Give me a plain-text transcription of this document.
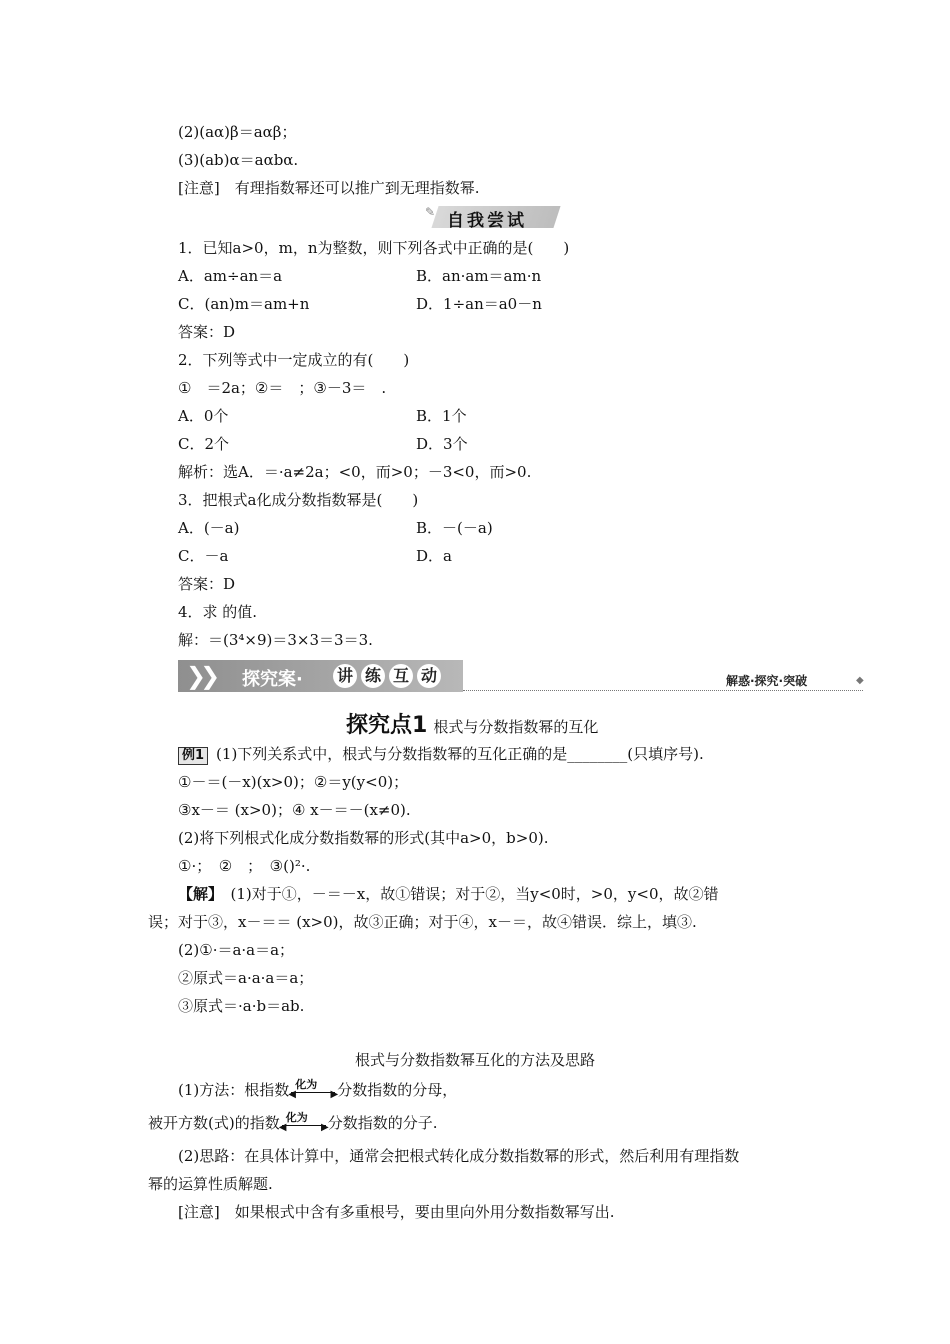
(2)(aα)β＝aαβ；
(3)(ab)α＝aαbα.
[注意]　有理指数幂还可以推广到无理指数幂.
✎ 自我尝试
1．已知a>0，m，n为整数，则下列各式中正确的是(　　)
A．am÷an＝a	B．an·am＝am·n
C．(an)m＝am+n	D．1÷an＝a0－n
答案：D
2．下列等式中一定成立的有(　　)
①　＝2a；②＝　；③－3＝　.
A．0个	B．1个
C．2个	D．3个
解析：选A．＝·a≠2a；<0，而>0；－3<0，而>0.
3．把根式a化成分数指数幂是(　　)
A．(－a)	B．－(－a)
C．－a	D．a
答案：D
4．求 的值.
解：＝(3⁴×9)＝3×3＝3＝3.
❯❯ 探究案· 讲 练 互 动	解惑·探究·突破	◆
探究点1 根式与分数指数幂的互化
例1 (1)下列关系式中，根式与分数指数幂的互化正确的是________(只填序号).
①－＝(－x)(x>0)；②＝y(y<0)；
③x－＝ (x>0)；④ x－＝－(x≠0).
(2)将下列根式化成分数指数幂的形式(其中a>0，b>0).
①·；　②　；　③()²·.
【解】　(1)对于①，－＝－x，故①错误；对于②，当y<0时，>0，y<0，故②错
误；对于③，x－＝＝ (x>0)，故③正确；对于④，x－＝，故④错误．综上，填③.
(2)①·＝a·a＝a；
②原式＝a·a·a＝a；
③原式＝·a·b＝ab.
根式与分数指数幂互化的方法及思路
(1)方法：根指数 化为
◀	▶ 分数指数的分母，
被开方数(式)的指数 化为
◀	▶ 分数指数的分子.
(2)思路：在具体计算中，通常会把根式转化成分数指数幂的形式，然后利用有理指数
幂的运算性质解题.
[注意]　如果根式中含有多重根号，要由里向外用分数指数幂写出.
